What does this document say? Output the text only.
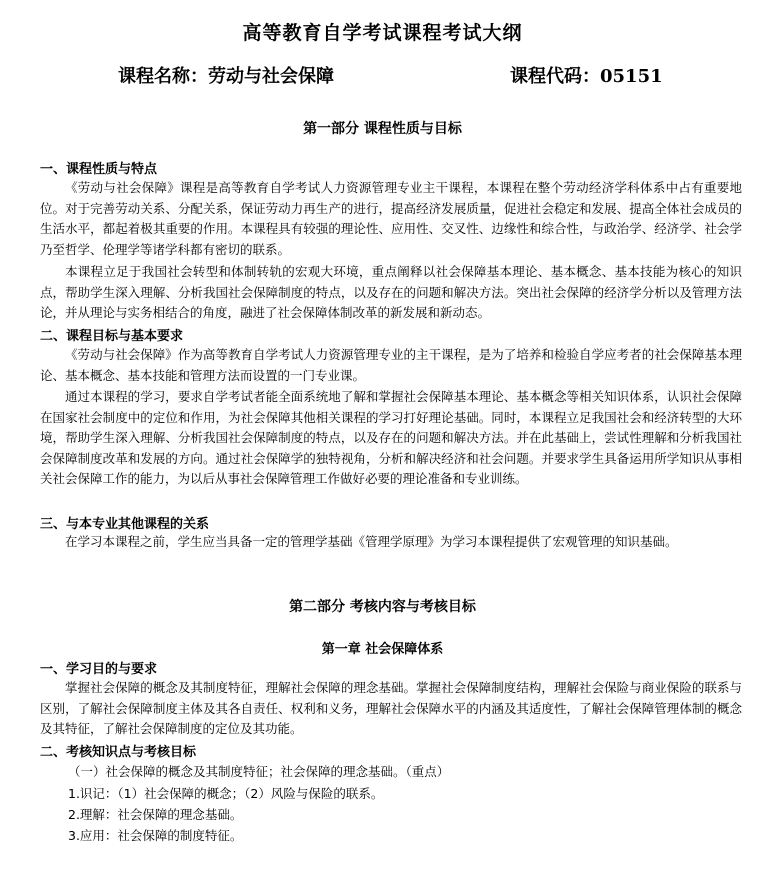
高等教育自学考试课程考试大纲
课程名称：劳动与社会保障	课程代码：05151
第一部分 课程性质与目标
一、课程性质与特点

《劳动与社会保障》课程是高等教育自学考试人力资源管理专业主干课程，本课程在整个劳动经济学科体系中占有重要地位。对于完善劳动关系、分配关系，保证劳动力再生产的进行，提高经济发展质量，促进社会稳定和发展、提高全体社会成员的生活水平，都起着极其重要的作用。本课程具有较强的理论性、应用性、交叉性、边缘性和综合性，与政治学、经济学、社会学乃至哲学、伦理学等诸学科都有密切的联系。

本课程立足于我国社会转型和体制转轨的宏观大环境，重点阐释以社会保障基本理论、基本概念、基本技能为核心的知识点，帮助学生深入理解、分析我国社会保障制度的特点，以及存在的问题和解决方法。突出社会保障的经济学分析以及管理方法论，并从理论与实务相结合的角度，融进了社会保障体制改革的新发展和新动态。

二、课程目标与基本要求

《劳动与社会保障》作为高等教育自学考试人力资源管理专业的主干课程，是为了培养和检验自学应考者的社会保障基本理论、基本概念、基本技能和管理方法而设置的一门专业课。

通过本课程的学习，要求自学考试者能全面系统地了解和掌握社会保障基本理论、基本概念等相关知识体系，认识社会保障在国家社会制度中的定位和作用，为社会保障其他相关课程的学习打好理论基础。同时，本课程立足我国社会和经济转型的大环境，帮助学生深入理解、分析我国社会保障制度的特点，以及存在的问题和解决方法。并在此基础上，尝试性理解和分析我国社会保障制度改革和发展的方向。通过社会保障学的独特视角，分析和解决经济和社会问题。并要求学生具备运用所学知识从事相关社会保障工作的能力，为以后从事社会保障管理工作做好必要的理论准备和专业训练。

三、与本专业其他课程的关系

在学习本课程之前，学生应当具备一定的管理学基础《管理学原理》为学习本课程提供了宏观管理的知识基础。

第二部分 考核内容与考核目标
第一章 社会保障体系
一、学习目的与要求

掌握社会保障的概念及其制度特征，理解社会保障的理念基础。掌握社会保障制度结构，理解社会保险与商业保险的联系与区别，了解社会保障制度主体及其各自责任、权利和义务，理解社会保障水平的内涵及其适度性，了解社会保障管理体制的概念及其特征，了解社会保障制度的定位及其功能。

二、考核知识点与考核目标
（一）社会保障的概念及其制度特征；社会保障的理念基础。（重点）
1.识记：（1）社会保障的概念；（2）风险与保险的联系。
2.理解：社会保障的理念基础。
3.应用：社会保障的制度特征。
